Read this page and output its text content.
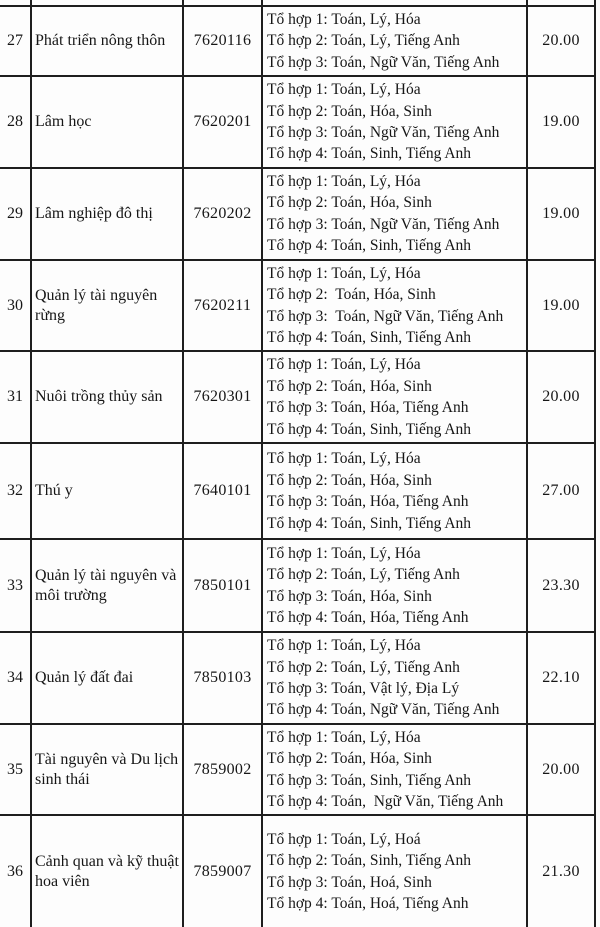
27	Phát triển nông thôn	7620116	Tổ hợp 1: Toán, Lý, Hóa
Tổ hợp 2: Toán, Lý, Tiếng Anh
Tổ hợp 3: Toán, Ngữ Văn, Tiếng Anh	20.00
28	Lâm học	7620201	Tổ hợp 1: Toán, Lý, Hóa
Tổ hợp 2: Toán, Hóa, Sinh
Tổ hợp 3: Toán, Ngữ Văn, Tiếng Anh
Tổ hợp 4: Toán, Sinh, Tiếng Anh	19.00
29	Lâm nghiệp đô thị	7620202	Tổ hợp 1: Toán, Lý, Hóa
Tổ hợp 2: Toán, Hóa, Sinh
Tổ hợp 3: Toán, Ngữ Văn, Tiếng Anh
Tổ hợp 4: Toán, Sinh, Tiếng Anh	19.00
30	Quản lý tài nguyên rừng	7620211	Tổ hợp 1: Toán, Lý, Hóa
Tổ hợp 2:  Toán, Hóa, Sinh
Tổ hợp 3:  Toán, Ngữ Văn, Tiếng Anh
Tổ hợp 4: Toán, Sinh, Tiếng Anh	19.00
31	Nuôi trồng thủy sản	7620301	Tổ hợp 1: Toán, Lý, Hóa
Tổ hợp 2: Toán, Hóa, Sinh
Tổ hợp 3: Toán, Hóa, Tiếng Anh
Tổ hợp 4: Toán, Sinh, Tiếng Anh	20.00
32	Thú y	7640101	Tổ hợp 1: Toán, Lý, Hóa
Tổ hợp 2: Toán, Hóa, Sinh
Tổ hợp 3: Toán, Hóa, Tiếng Anh
Tổ hợp 4: Toán, Sinh, Tiếng Anh	27.00
33	Quản lý tài nguyên và môi trường	7850101	Tổ hợp 1: Toán, Lý, Hóa
Tổ hợp 2: Toán, Lý, Tiếng Anh
Tổ hợp 3: Toán, Hóa, Sinh
Tổ hợp 4: Toán, Hóa, Tiếng Anh	23.30
34	Quản lý đất đai	7850103	Tổ hợp 1: Toán, Lý, Hóa
Tổ hợp 2: Toán, Lý, Tiếng Anh
Tổ hợp 3: Toán, Vật lý, Địa Lý
Tổ hợp 4: Toán, Ngữ Văn, Tiếng Anh	22.10
35	Tài nguyên và Du lịch sinh thái	7859002	Tổ hợp 1: Toán, Lý, Hóa
Tổ hợp 2: Toán, Hóa, Sinh
Tổ hợp 3: Toán, Sinh, Tiếng Anh
Tổ hợp 4: Toán,  Ngữ Văn, Tiếng Anh	20.00
36	Cảnh quan và kỹ thuật hoa viên	7859007	Tổ hợp 1: Toán, Lý, Hoá
Tổ hợp 2: Toán, Sinh, Tiếng Anh
Tổ hợp 3: Toán, Hoá, Sinh
Tổ hợp 4: Toán, Hoá, Tiếng Anh	21.30
